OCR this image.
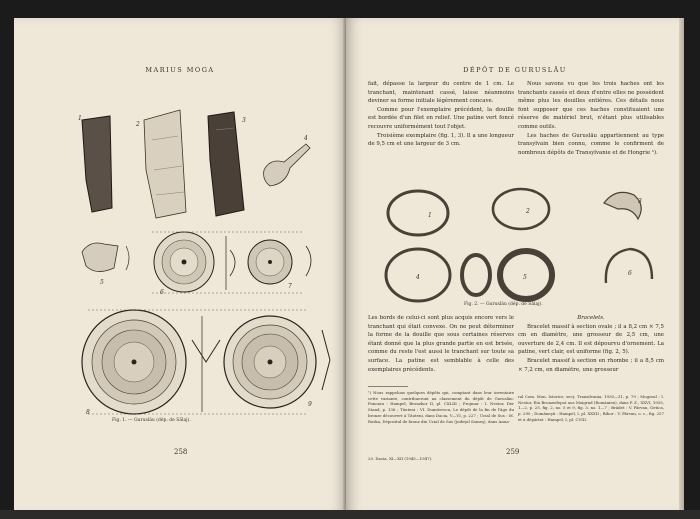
MARIUS MOGA
1
2
3
4
5
6
7
8
9
Fig. 1. — Gurusläu (dép. de Sălaj).
258
DÉPÔT DE GURUSLĂU

fait, dépasse la largeur du centre de 1 cm. Le tranchant, maintenant cassé, laisse néanmoins deviner sa forme initiale légèrement concave.

Comme pour l'exemplaire précédent, la douille est bordée d'un filet en relief. Une patine vert foncé recouvre uniformément tout l'objet.

Troisième exemplaire (fig. 1, 3). Il a une longueur de 9,5 cm et une largeur de 3 cm.

Nous savons vu que les trois haches ont les tranchants cassés et deux d'entre elles ne possèdent même plus les douilles entières. Ces détails nous font supposer que ces haches constituaient une réserve de matériel brut, n'étant plus utilisables comme outils.

Les haches de Gurusläu appartiennent au type transylvain bien connu, comme le confirment de nombreux dépôts de Transylvanie et de Hongrie ¹).

1
2
3
4	5
6
Fig. 2. — Gurusläu (dép. de Sălaj).

Les bords de celui-ci sont plus acquis encore vers le tranchant qui était convexe. On ne peut déterminer la forme de la douille que sous certaines réserves étant donné que la plus grande partie en est brisée, comme du reste l'est aussi le tranchant sur toute sa surface. La patine est semblable à celle des exemplaires précédents.

¹) Nous rappelons quelques dépôts qui, comptant dans leur inventaire cette variante, contribueront au classement du dépôt de Gurusläu: Ponoara : Hampel, Bronzkor II, pl. CXLIII ; Frojmar : I. Nestor, Der Stand, p. 136 ; Tăuteni : VI. Dumitrescu, Le dépôt de la fin de l'âge du bronze découvert à Tăuteni, dans Dacia, V—VI, p. 227 ; Ucial de Sus : M. Roska, Dépositul de bronz din Ucial de Sus (judeţul Someş), dans Anua-

Bracelets.

Bracelet massif à section ovale ; il a 8,2 cm × 7,5 cm en diamètre, une grosseur de 2,5 cm, une ouverture de 2,4 cm. Il est dépourvu d'ornement. La patine, vert clair, est uniforme (fig. 2, 5).

Bracelet massif à section en rhombe ; il a 8,5 cm × 7,2 cm, en diamètre, une grosseur

20. Dacia, XI—XII (1945—1947).
ral Com. Mon. Istorice, secţ. Transilvania, 1930—31, p. 79 ; Mogoral : I. Nestor, Ein Bronzedepot aus Moigrad (Romänien), dans P. Z., XXVI, 1935, 1—2, p. 25, fig. 2, no. 5 et 9, fig. 3, no. 1—7 ; Brădet : V. Pârvan, Getica, p. 290 ; Domăneşti : Hampel, I, pl. XXXII ; Bihor : V. Pârvan, o. c., fig. 257 et à dépărtat : Hampel, I, pl. CVIII.
259
